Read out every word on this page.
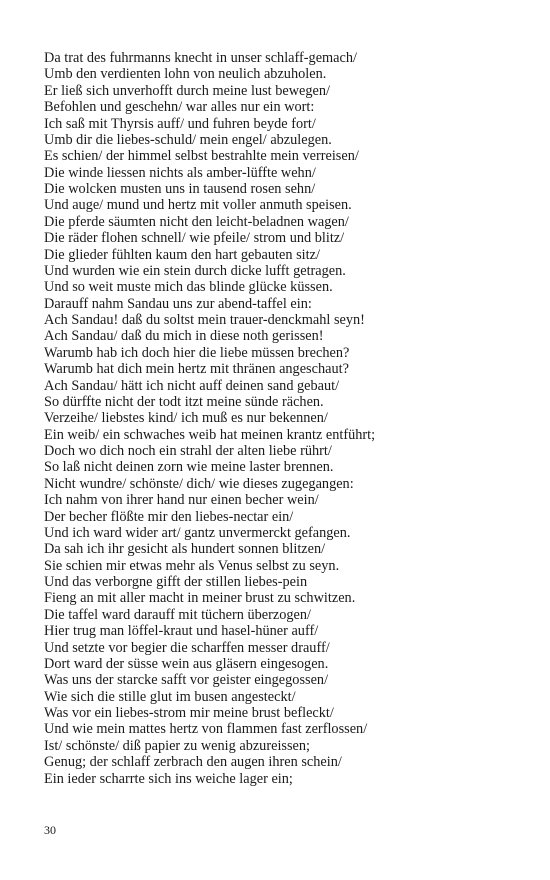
Da trat des fuhrmanns knecht in unser schlaff-gemach/
Umb den verdienten lohn von neulich abzuholen.
Er ließ sich unverhofft durch meine lust bewegen/
Befohlen und geschehn/ war alles nur ein wort:
Ich saß mit Thyrsis auff/ und fuhren beyde fort/
Umb dir die liebes-schuld/ mein engel/ abzulegen.
Es schien/ der himmel selbst bestrahlte mein verreisen/
Die winde liessen nichts als amber-lüffte wehn/
Die wolcken musten uns in tausend rosen sehn/
Und auge/ mund und hertz mit voller anmuth speisen.
Die pferde säumten nicht den leicht-beladnen wagen/
Die räder flohen schnell/ wie pfeile/ strom und blitz/
Die glieder fühlten kaum den hart gebauten sitz/
Und wurden wie ein stein durch dicke lufft getragen.
Und so weit muste mich das blinde glücke küssen.
Darauff nahm Sandau uns zur abend-taffel ein:
Ach Sandau! daß du soltst mein trauer-denckmahl seyn!
Ach Sandau/ daß du mich in diese noth gerissen!
Warumb hab ich doch hier die liebe müssen brechen?
Warumb hat dich mein hertz mit thränen angeschaut?
Ach Sandau/ hätt ich nicht auff deinen sand gebaut/
So dürffte nicht der todt itzt meine sünde rächen.
Verzeihe/ liebstes kind/ ich muß es nur bekennen/
Ein weib/ ein schwaches weib hat meinen krantz entführt;
Doch wo dich noch ein strahl der alten liebe rührt/
So laß nicht deinen zorn wie meine laster brennen.
Nicht wundre/ schönste/ dich/ wie dieses zugegangen:
Ich nahm von ihrer hand nur einen becher wein/
Der becher flößte mir den liebes-nectar ein/
Und ich ward wider art/ gantz unvermerckt gefangen.
Da sah ich ihr gesicht als hundert sonnen blitzen/
Sie schien mir etwas mehr als Venus selbst zu seyn.
Und das verborgne gifft der stillen liebes-pein
Fieng an mit aller macht in meiner brust zu schwitzen.
Die taffel ward darauff mit tüchern überzogen/
Hier trug man löffel-kraut und hasel-hüner auff/
Und setzte vor begier die scharffen messer drauff/
Dort ward der süsse wein aus gläsern eingesogen.
Was uns der starcke safft vor geister eingegossen/
Wie sich die stille glut im busen angesteckt/
Was vor ein liebes-strom mir meine brust befleckt/
Und wie mein mattes hertz von flammen fast zerflossen/
Ist/ schönste/ diß papier zu wenig abzureissen;
Genug; der schlaff zerbrach den augen ihren schein/
Ein ieder scharrte sich ins weiche lager ein;
30
